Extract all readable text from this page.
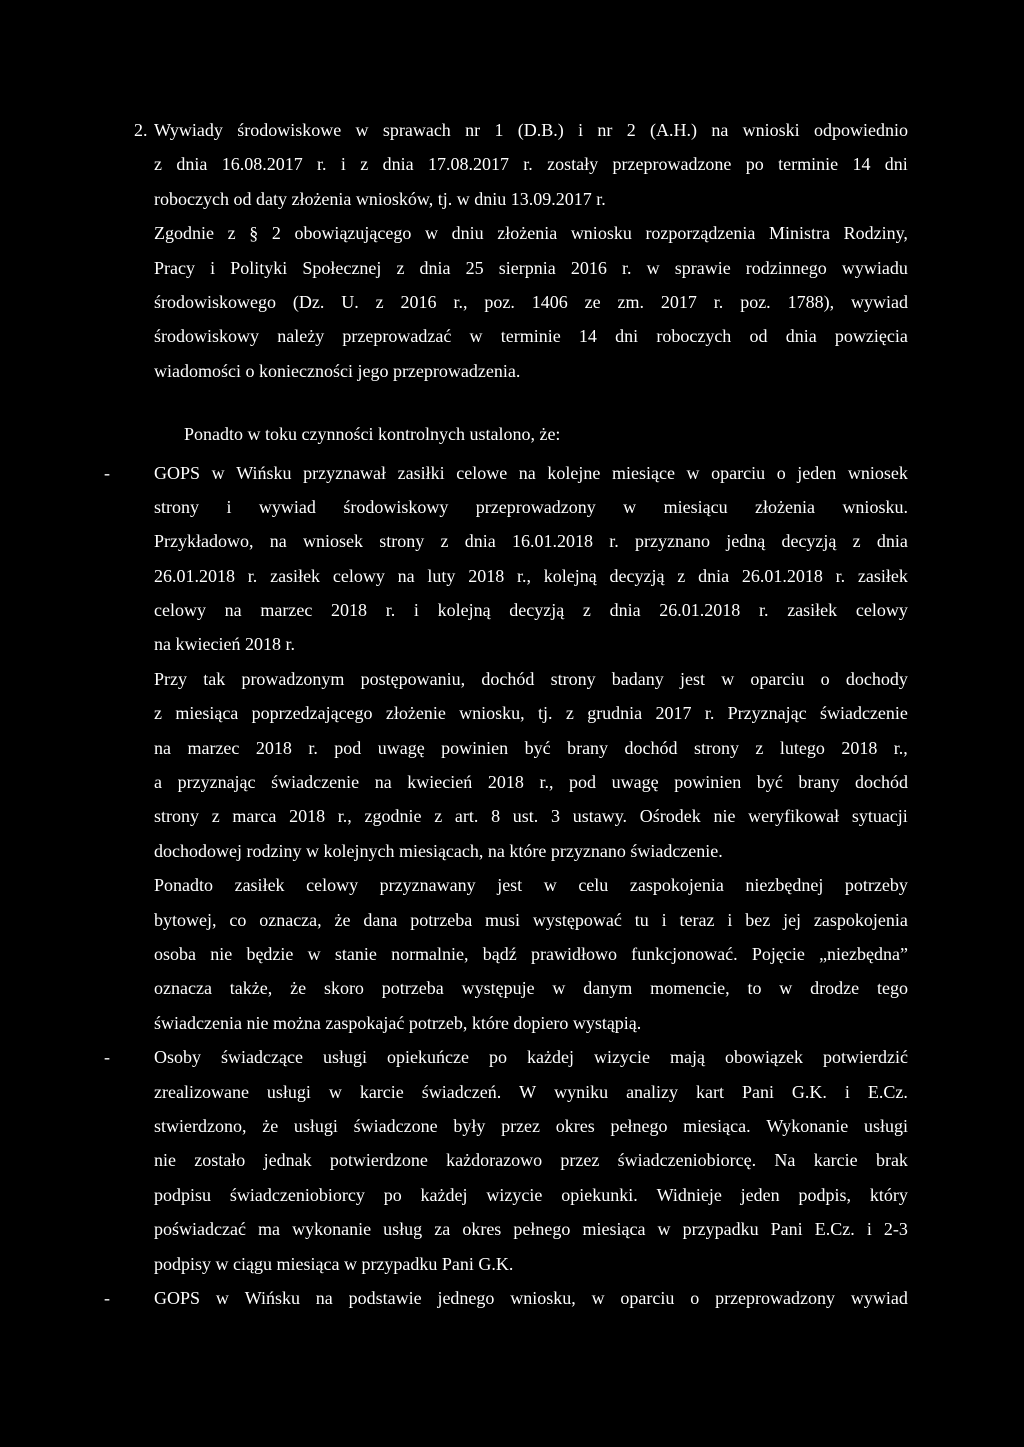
2. Wywiady środowiskowe w sprawach nr 1 (D.B.) i nr 2 (A.H.) na wnioski odpowiednio
z dnia 16.08.2017 r. i z dnia 17.08.2017 r. zostały przeprowadzone po terminie 14 dni
roboczych od daty złożenia wniosków, tj. w dniu 13.09.2017 r.
Zgodnie z § 2 obowiązującego w dniu złożenia wniosku rozporządzenia Ministra Rodziny,
Pracy i Polityki Społecznej z dnia 25 sierpnia 2016 r. w sprawie rodzinnego wywiadu
środowiskowego (Dz. U. z 2016 r., poz. 1406 ze zm. 2017 r. poz. 1788), wywiad
środowiskowy należy przeprowadzać w terminie 14 dni roboczych od dnia powzięcia
wiadomości o konieczności jego przeprowadzenia.
Ponadto w toku czynności kontrolnych ustalono, że:
- GOPS w Wińsku przyznawał zasiłki celowe na kolejne miesiące w oparciu o jeden wniosek
strony i wywiad środowiskowy przeprowadzony w miesiącu złożenia wniosku.
Przykładowo, na wniosek strony z dnia 16.01.2018 r. przyznano jedną decyzją z dnia
26.01.2018 r. zasiłek celowy na luty 2018 r., kolejną decyzją z dnia 26.01.2018 r. zasiłek
celowy na marzec 2018 r. i kolejną decyzją z dnia 26.01.2018 r. zasiłek celowy
na kwiecień 2018 r.
Przy tak prowadzonym postępowaniu, dochód strony badany jest w oparciu o dochody
z miesiąca poprzedzającego złożenie wniosku, tj. z grudnia 2017 r. Przyznając świadczenie
na marzec 2018 r. pod uwagę powinien być brany dochód strony z lutego 2018 r.,
a przyznając świadczenie na kwiecień 2018 r., pod uwagę powinien być brany dochód
strony z marca 2018 r., zgodnie z art. 8 ust. 3 ustawy. Ośrodek nie weryfikował sytuacji
dochodowej rodziny w kolejnych miesiącach, na które przyznano świadczenie.
Ponadto zasiłek celowy przyznawany jest w celu zaspokojenia niezbędnej potrzeby
bytowej, co oznacza, że dana potrzeba musi występować tu i teraz i bez jej zaspokojenia
osoba nie będzie w stanie normalnie, bądź prawidłowo funkcjonować. Pojęcie „niezbędna”
oznacza także, że skoro potrzeba występuje w danym momencie, to w drodze tego
świadczenia nie można zaspokajać potrzeb, które dopiero wystąpią.
- Osoby świadczące usługi opiekuńcze po każdej wizycie mają obowiązek potwierdzić
zrealizowane usługi w karcie świadczeń. W wyniku analizy kart Pani G.K. i E.Cz.
stwierdzono, że usługi świadczone były przez okres pełnego miesiąca. Wykonanie usługi
nie zostało jednak potwierdzone każdorazowo przez świadczeniobiorcę. Na karcie brak
podpisu świadczeniobiorcy po każdej wizycie opiekunki. Widnieje jeden podpis, który
poświadczać ma wykonanie usług za okres pełnego miesiąca w przypadku Pani E.Cz. i 2-3
podpisy w ciągu miesiąca w przypadku Pani G.K.
- GOPS w Wińsku na podstawie jednego wniosku, w oparciu o przeprowadzony wywiad
